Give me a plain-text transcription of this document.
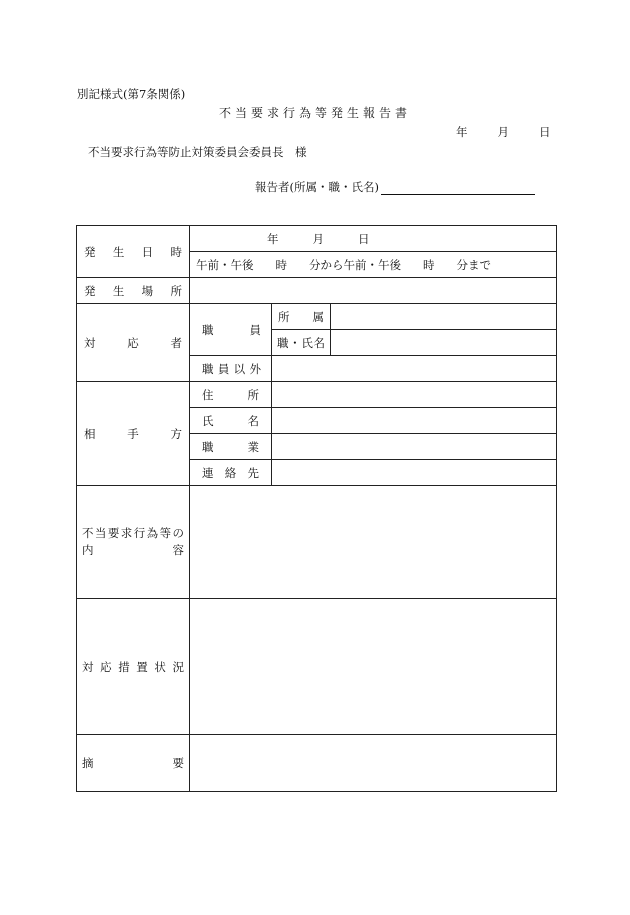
別記様式(第7条関係)
不当要求行為等発生報告書
年	月	日
不当要求行為等防止対策委員会委員長　様
報告者(所属・職・氏名)
発生日時	年 月 日		
	午前・午後 時 分から午前・午後 時 分まで		
発生場所			
対応者	職員	所属	
		職・氏名	
	職員以外		
相手方	住所		
	氏名		
	職業		
	連絡先		
不当要求行為等の内容			
対応措置状況			
摘要			
